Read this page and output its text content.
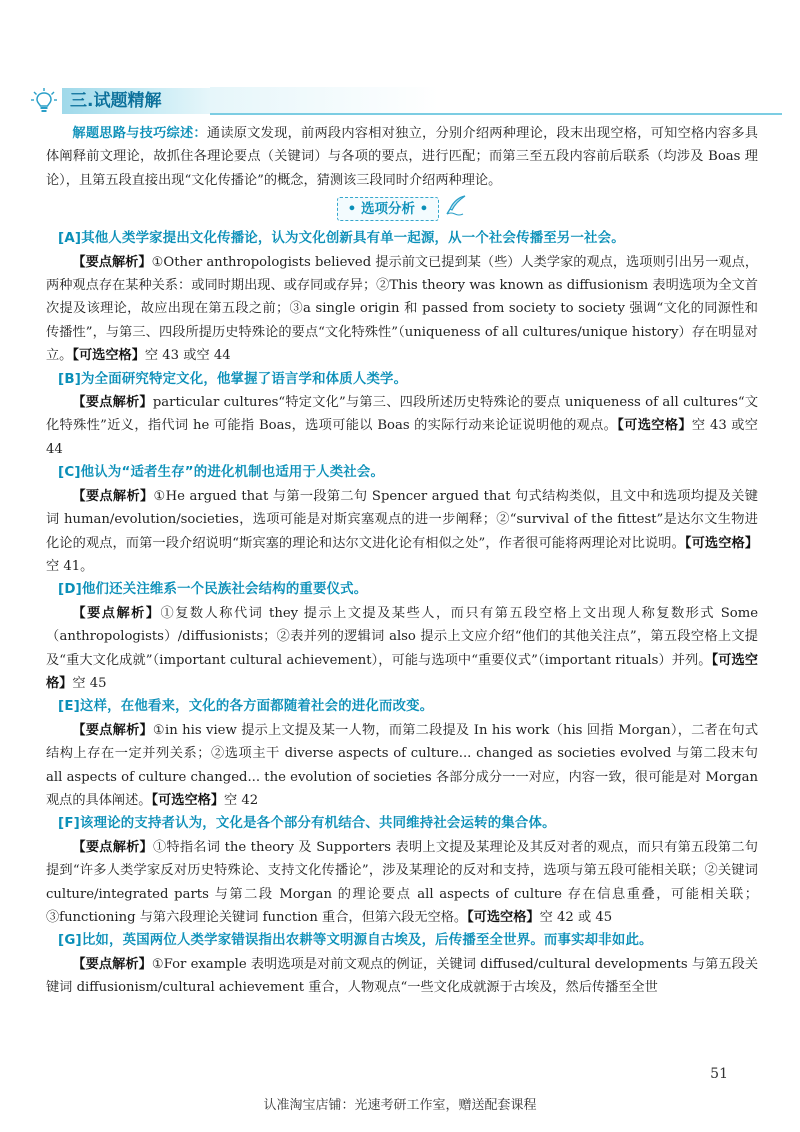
三.试题精解

解题思路与技巧综述：通读原文发现，前两段内容相对独立，分别介绍两种理论，段末出现空格，可知空格内容多具体阐释前文理论，故抓住各理论要点（关键词）与各项的要点，进行匹配；而第三至五段内容前后联系（均涉及 Boas 理论），且第五段直接出现“文化传播论”的概念，猜测该三段同时介绍两种理论。

• 选项分析 •

[A]其他人类学家提出文化传播论，认为文化创新具有单一起源，从一个社会传播至另一社会。

【要点解析】①Other anthropologists believed 提示前文已提到某（些）人类学家的观点，选项则引出另一观点，两种观点存在某种关系：或同时期出现、或存同或存异；②This theory was known as diffusionism 表明选项为全文首次提及该理论，故应出现在第五段之前；③a single origin 和 passed from society to society 强调“文化的同源性和传播性”，与第三、四段所提历史特殊论的要点“文化特殊性”（uniqueness of all cultures/unique history）存在明显对立。【可选空格】空 43 或空 44

[B]为全面研究特定文化，他掌握了语言学和体质人类学。

【要点解析】particular cultures“特定文化”与第三、四段所述历史特殊论的要点 uniqueness of all cultures“文化特殊性”近义，指代词 he 可能指 Boas，选项可能以 Boas 的实际行动来论证说明他的观点。【可选空格】空 43 或空 44

[C]他认为“适者生存”的进化机制也适用于人类社会。

【要点解析】①He argued that 与第一段第二句 Spencer argued that 句式结构类似，且文中和选项均提及关键词 human/evolution/societies，选项可能是对斯宾塞观点的进一步阐释；②“survival of the fittest”是达尔文生物进化论的观点，而第一段介绍说明“斯宾塞的理论和达尔文进化论有相似之处”，作者很可能将两理论对比说明。【可选空格】空 41。

[D]他们还关注维系一个民族社会结构的重要仪式。

【要点解析】①复数人称代词 they 提示上文提及某些人，而只有第五段空格上文出现人称复数形式 Some（anthropologists）/diffusionists；②表并列的逻辑词 also 提示上文应介绍“他们的其他关注点”，第五段空格上文提及“重大文化成就”（important cultural achievement），可能与选项中“重要仪式”（important rituals）并列。【可选空格】空 45

[E]这样，在他看来，文化的各方面都随着社会的进化而改变。

【要点解析】①in his view 提示上文提及某一人物，而第二段提及 In his work（his 回指 Morgan），二者在句式结构上存在一定并列关系；②选项主干 diverse aspects of culture... changed as societies evolved 与第二段末句 all aspects of culture changed... the evolution of societies 各部分成分一一对应，内容一致，很可能是对 Morgan 观点的具体阐述。【可选空格】空 42

[F]该理论的支持者认为，文化是各个部分有机结合、共同维持社会运转的集合体。

【要点解析】①特指名词 the theory 及 Supporters 表明上文提及某理论及其反对者的观点，而只有第五段第二句提到“许多人类学家反对历史特殊论、支持文化传播论”，涉及某理论的反对和支持，选项与第五段可能相关联；②关键词 culture/integrated parts 与第二段 Morgan 的理论要点 all aspects of culture 存在信息重叠，可能相关联；③functioning 与第六段理论关键词 function 重合，但第六段无空格。【可选空格】空 42 或 45

[G]比如，英国两位人类学家错误指出农耕等文明源自古埃及，后传播至全世界。而事实却非如此。

【要点解析】①For example 表明选项是对前文观点的例证，关键词 diffused/cultural developments 与第五段关键词 diffusionism/cultural achievement 重合，人物观点“一些文化成就源于古埃及，然后传播至全世

51
认准淘宝店铺：光速考研工作室，赠送配套课程
